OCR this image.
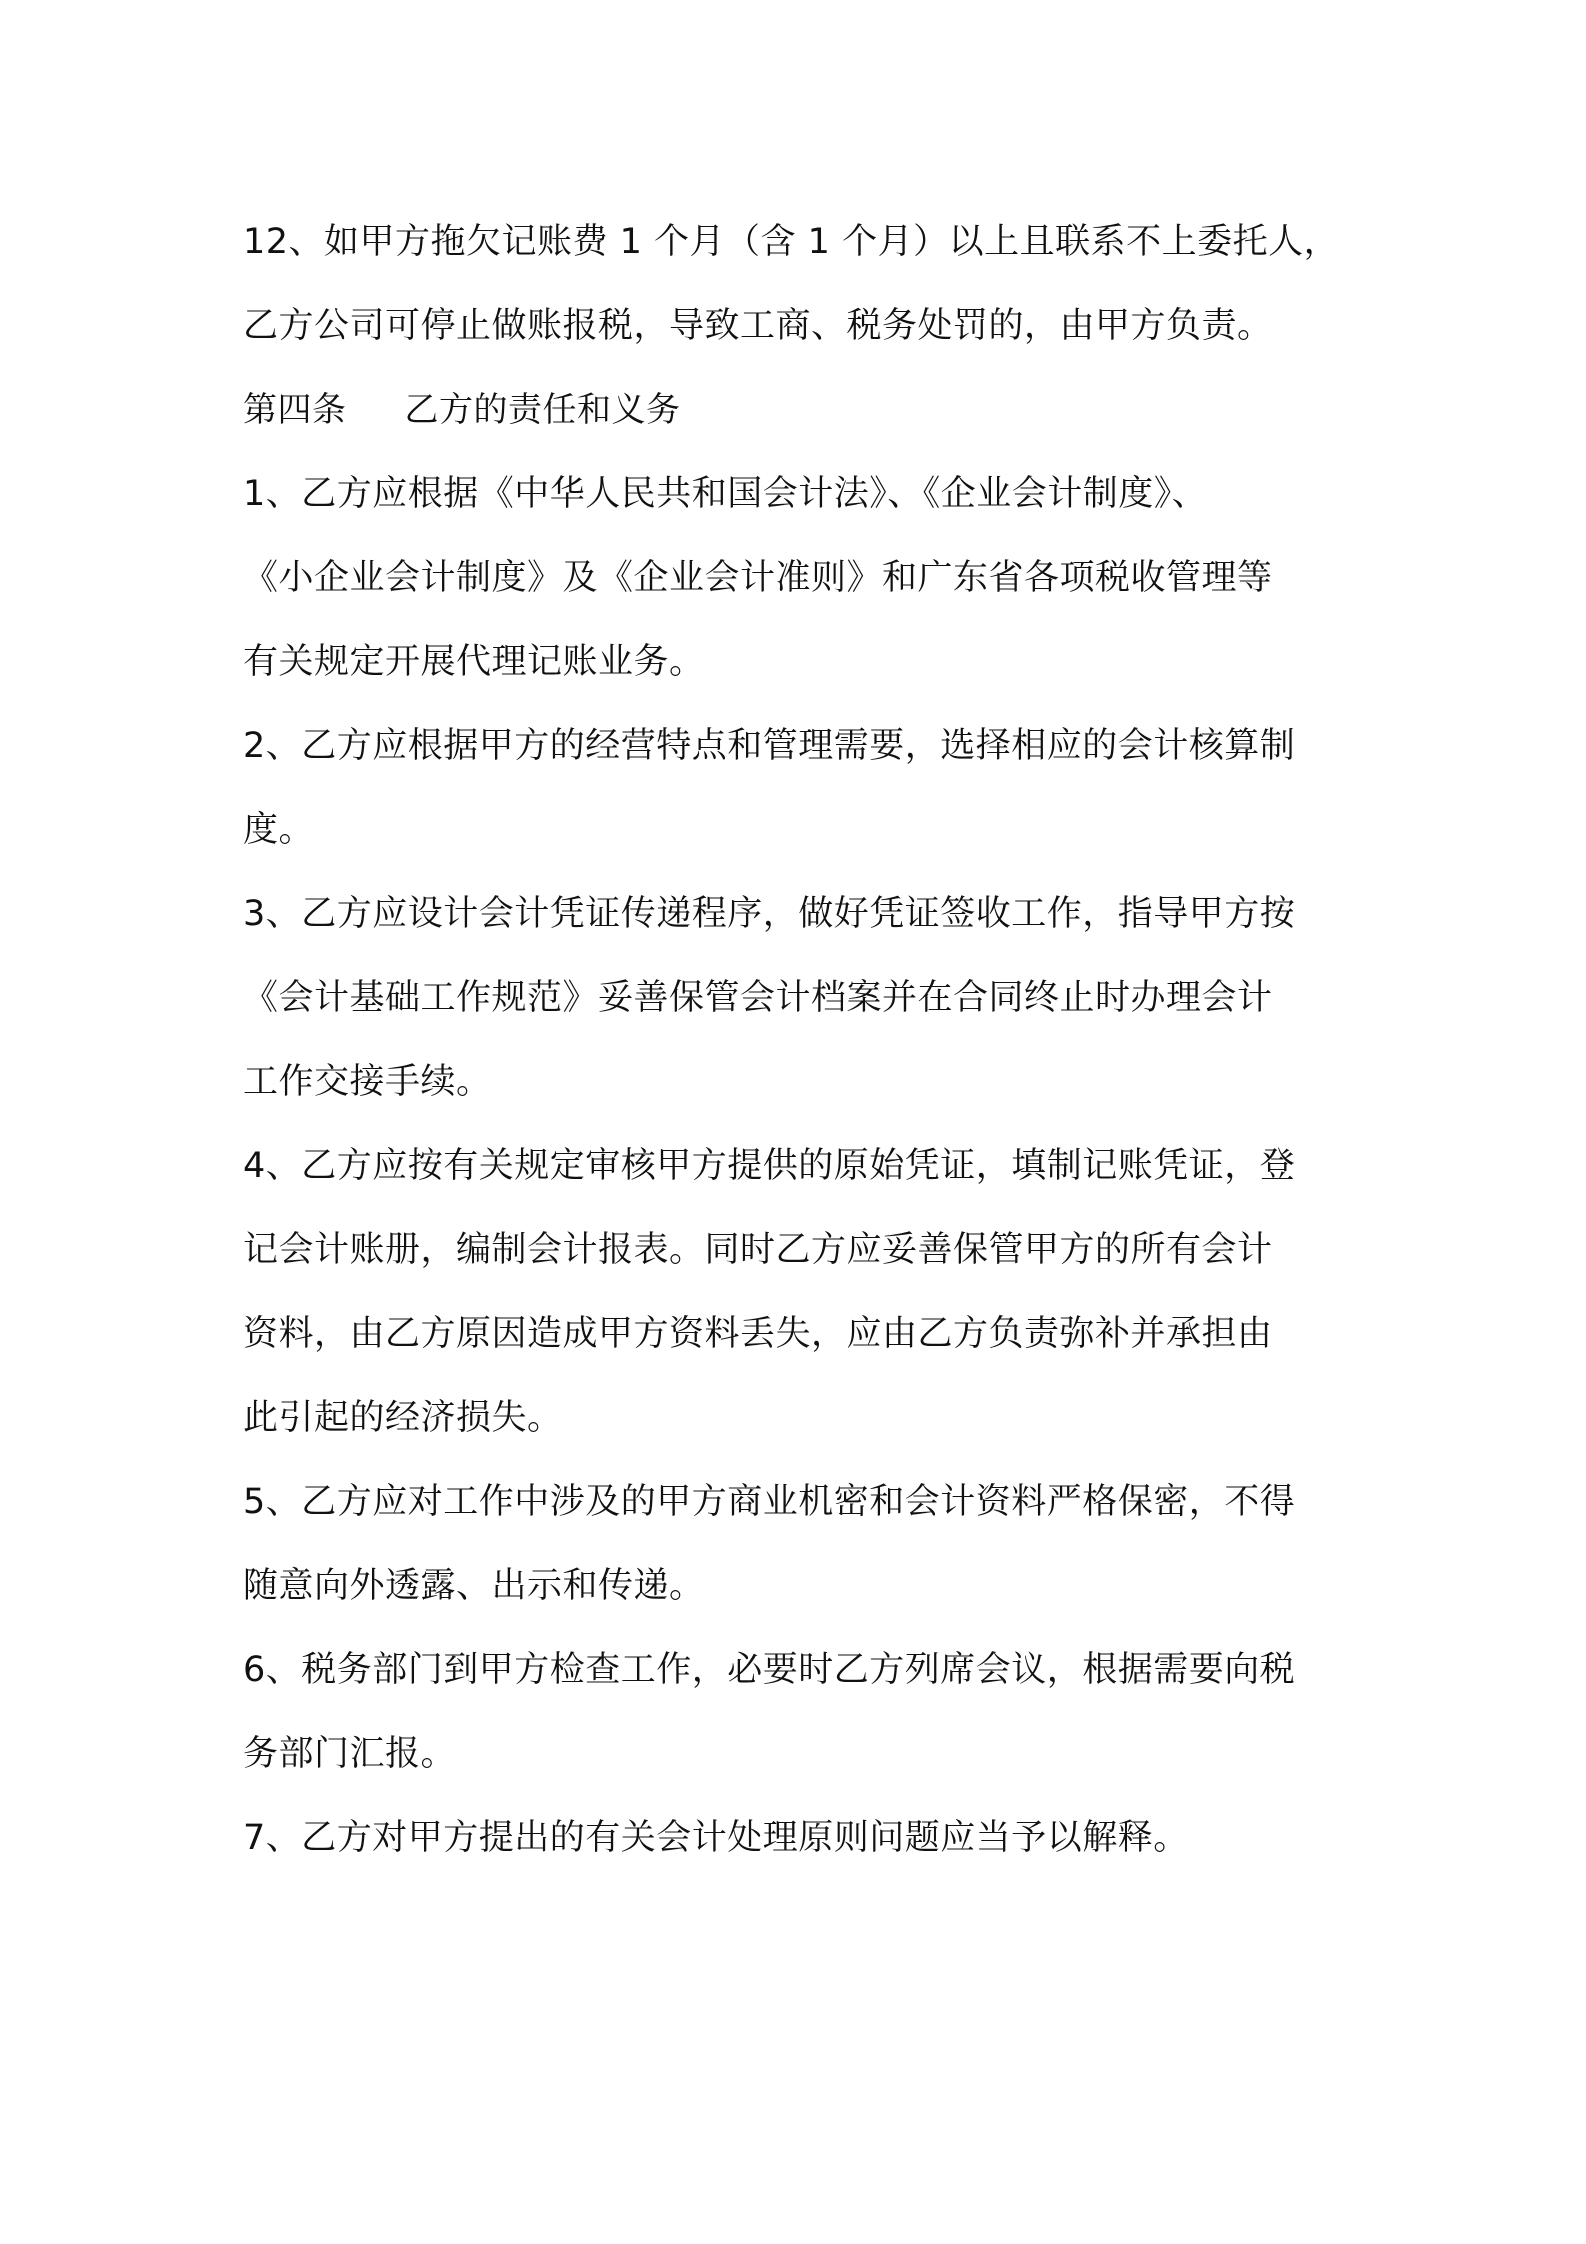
12、如甲方拖欠记账费 1 个月（含 1 个月）以上且联系不上委托人，
乙方公司可停止做账报税，导致工商、税务处罚的，由甲方负责。

第四条 乙方的责任和义务

1、乙方应根据《中华人民共和国会计法》、《企业会计制度》、
《小企业会计制度》及《企业会计准则》和广东省各项税收管理等
有关规定开展代理记账业务。

2、乙方应根据甲方的经营特点和管理需要，选择相应的会计核算制
度。

3、乙方应设计会计凭证传递程序，做好凭证签收工作，指导甲方按
《会计基础工作规范》妥善保管会计档案并在合同终止时办理会计
工作交接手续。

4、乙方应按有关规定审核甲方提供的原始凭证，填制记账凭证，登
记会计账册，编制会计报表。同时乙方应妥善保管甲方的所有会计
资料，由乙方原因造成甲方资料丢失，应由乙方负责弥补并承担由
此引起的经济损失。

5、乙方应对工作中涉及的甲方商业机密和会计资料严格保密，不得
随意向外透露、出示和传递。

6、税务部门到甲方检查工作，必要时乙方列席会议，根据需要向税
务部门汇报。

7、乙方对甲方提出的有关会计处理原则问题应当予以解释。
